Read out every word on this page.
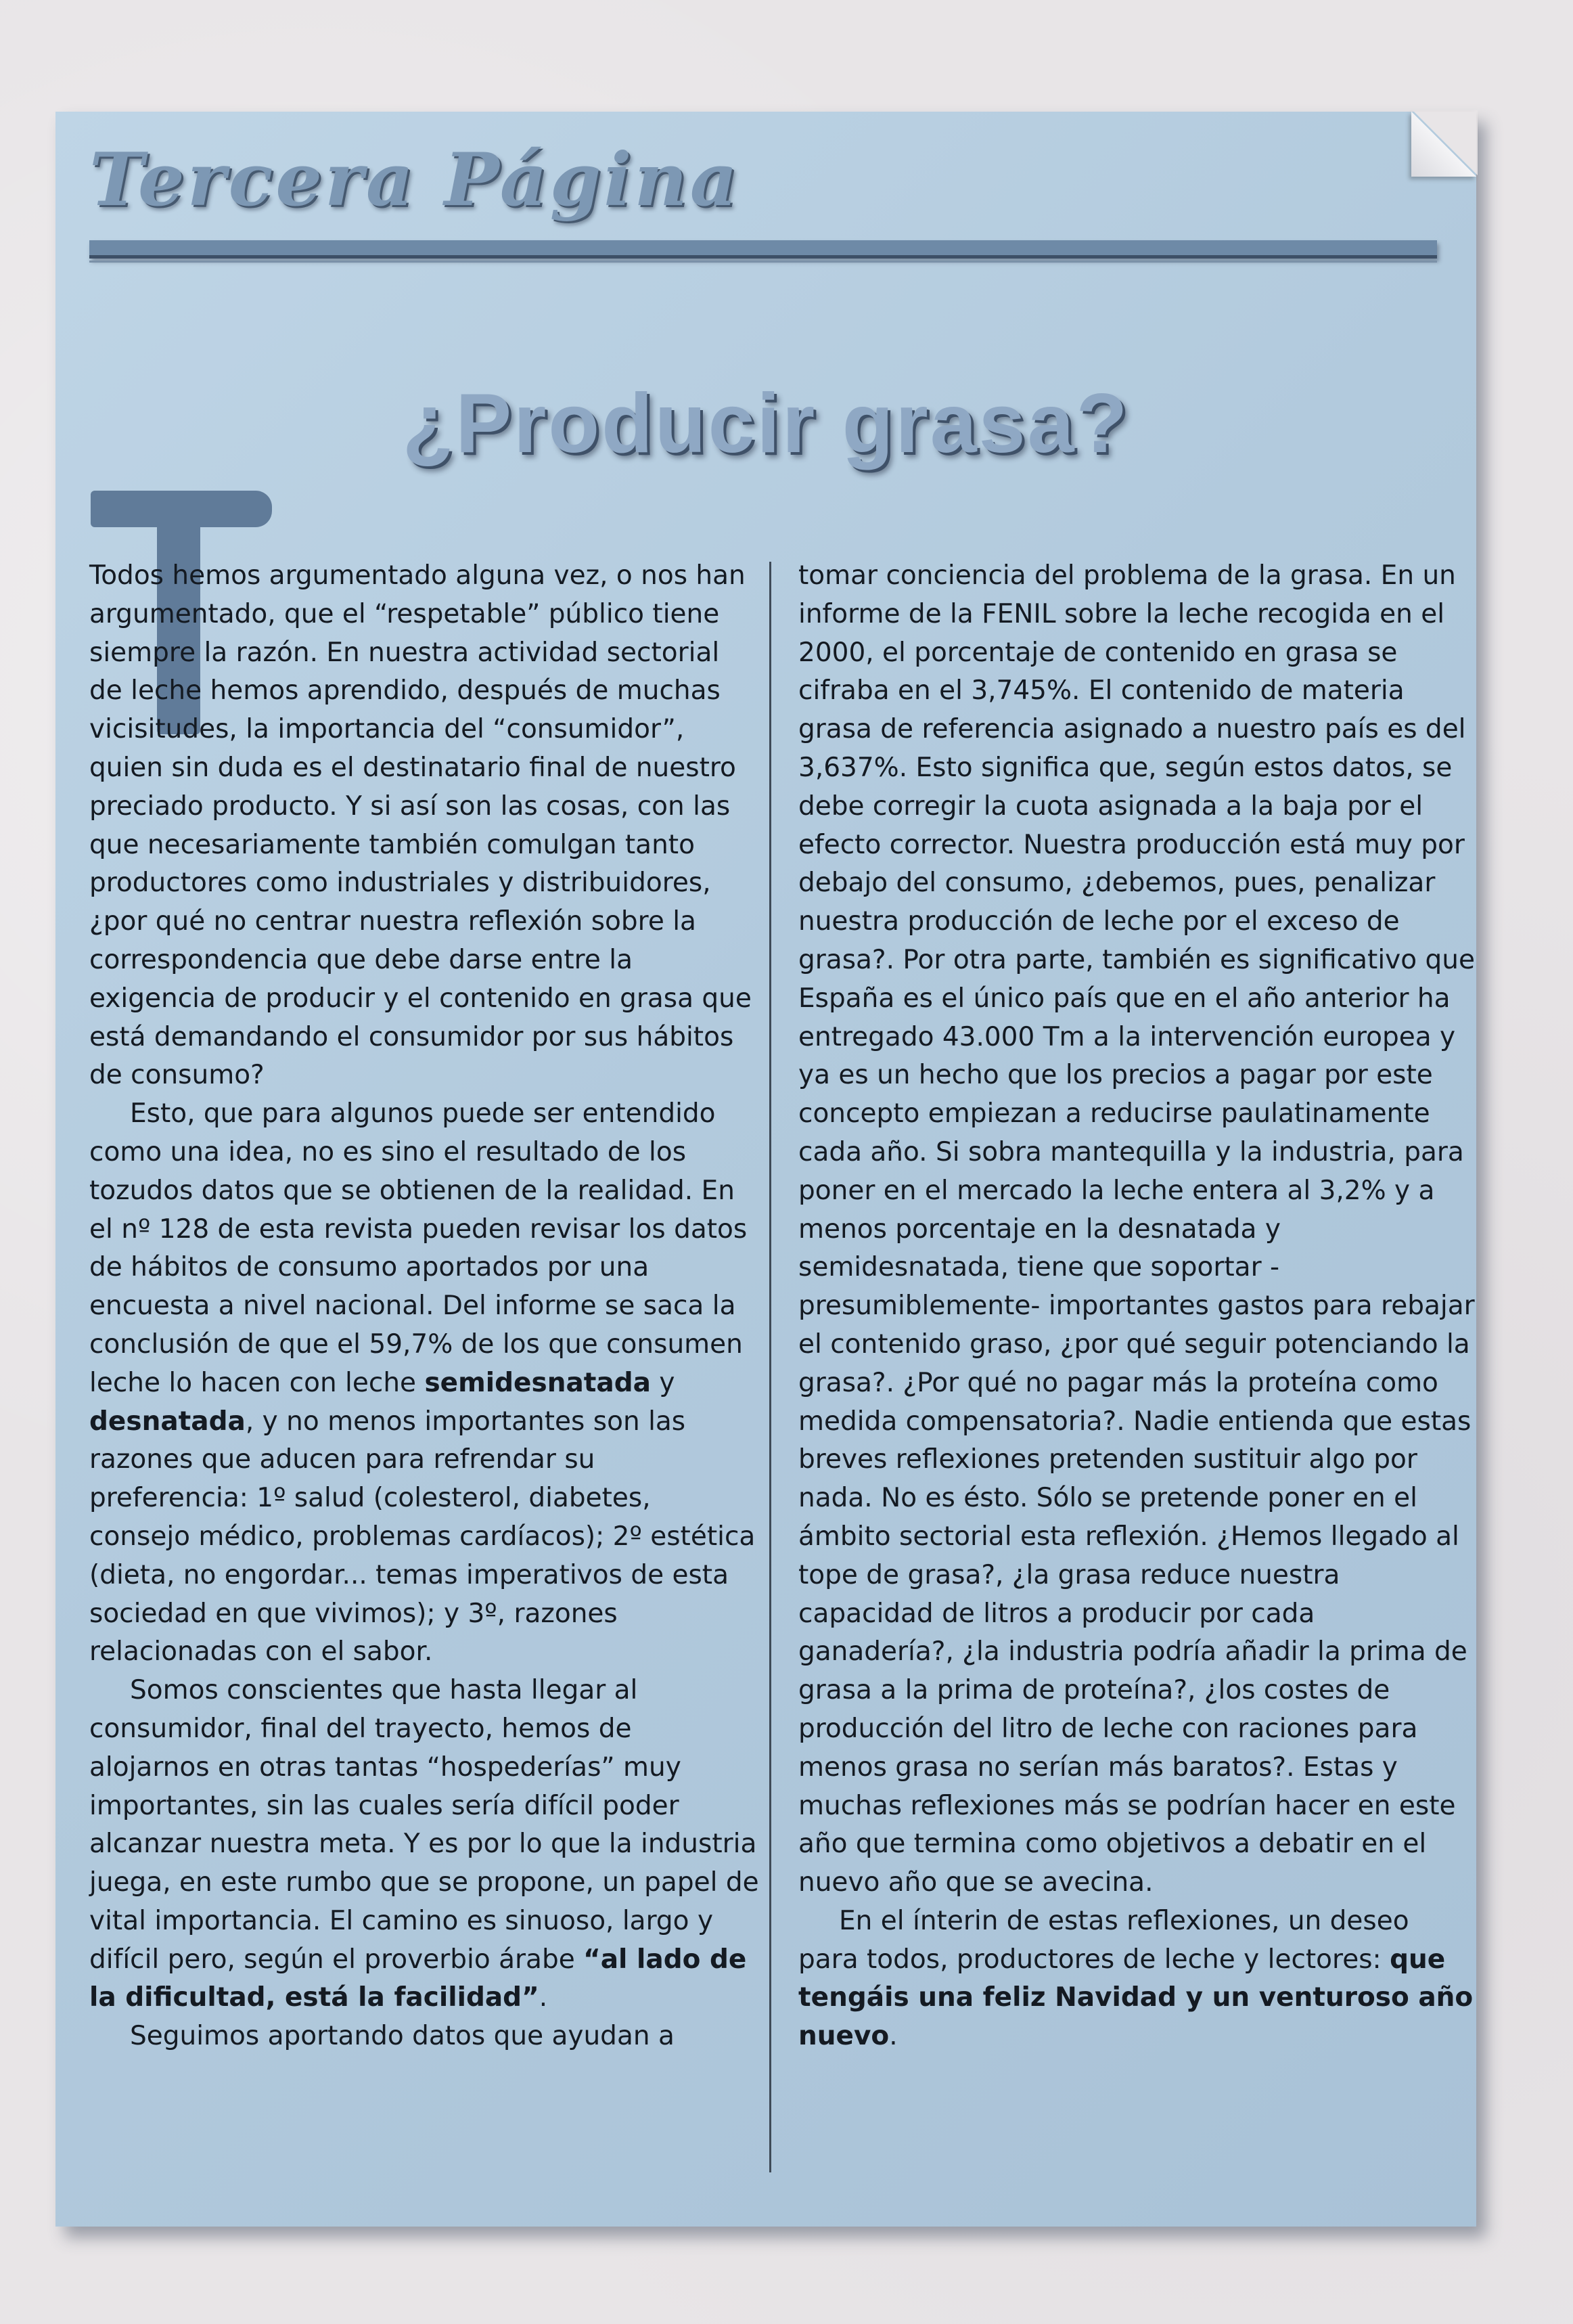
Tercera Página
¿Producir grasa?

Todos hemos argumentado alguna vez, o nos han argumentado, que el “respetable” público tiene siempre la razón. En nuestra actividad sectorial de leche hemos aprendido, después de muchas vicisitudes, la importancia del “consumidor”, quien sin duda es el destinatario final de nuestro preciado producto. Y si así son las cosas, con las que necesariamente también comulgan tanto productores como industriales y distribuidores, ¿por qué no centrar nuestra reflexión sobre la correspondencia que debe darse entre la exigencia de producir y el contenido en grasa que está demandando el consumidor por sus hábitos de consumo?

Esto, que para algunos puede ser entendido como una idea, no es sino el resultado de los tozudos datos que se obtienen de la realidad. En el nº 128 de esta revista pueden revisar los datos de hábitos de consumo aportados por una encuesta a nivel nacional. Del informe se saca la conclusión de que el 59,7% de los que consumen leche lo hacen con leche semidesnatada y desnatada, y no menos importantes son las razones que aducen para refrendar su preferencia: 1º salud (colesterol, diabetes, consejo médico, problemas cardíacos); 2º estética (dieta, no engordar... temas imperativos de esta sociedad en que vivimos); y 3º, razones relacionadas con el sabor.

Somos conscientes que hasta llegar al consumidor, final del trayecto, hemos de alojarnos en otras tantas “hospederías” muy importantes, sin las cuales sería difícil poder alcanzar nuestra meta. Y es por lo que la industria juega, en este rumbo que se propone, un papel de vital importancia. El camino es sinuoso, largo y difícil pero, según el proverbio árabe “al lado de la dificultad, está la facilidad”.

Seguimos aportando datos que ayudan a

tomar conciencia del problema de la grasa. En un informe de la FENIL sobre la leche recogida en el 2000, el porcentaje de contenido en grasa se cifraba en el 3,745%. El contenido de materia grasa de referencia asignado a nuestro país es del 3,637%. Esto significa que, según estos datos, se debe corregir la cuota asignada a la baja por el efecto corrector. Nuestra producción está muy por debajo del consumo, ¿debemos, pues, penalizar nuestra producción de leche por el exceso de grasa?. Por otra parte, también es significativo que España es el único país que en el año anterior ha entregado 43.000 Tm a la intervención europea y ya es un hecho que los precios a pagar por este concepto empiezan a reducirse paulatinamente cada año. Si sobra mantequilla y la industria, para poner en el mercado la leche entera al 3,2% y a menos porcentaje en la desnatada y semidesnatada, tiene que soportar -presumiblemente- importantes gastos para rebajar el contenido graso, ¿por qué seguir potenciando la grasa?. ¿Por qué no pagar más la proteína como medida compensatoria?. Nadie entienda que estas breves reflexiones pretenden sustituir algo por nada. No es ésto. Sólo se pretende poner en el ámbito sectorial esta reflexión. ¿Hemos llegado al tope de grasa?, ¿la grasa reduce nuestra capacidad de litros a producir por cada ganadería?, ¿la industria podría añadir la prima de grasa a la prima de proteína?, ¿los costes de producción del litro de leche con raciones para menos grasa no serían más baratos?. Estas y muchas reflexiones más se podrían hacer en este año que termina como objetivos a debatir en el nuevo año que se avecina.

En el ínterin de estas reflexiones, un deseo para todos, productores de leche y lectores: que tengáis una feliz Navidad y un venturoso año nuevo.
